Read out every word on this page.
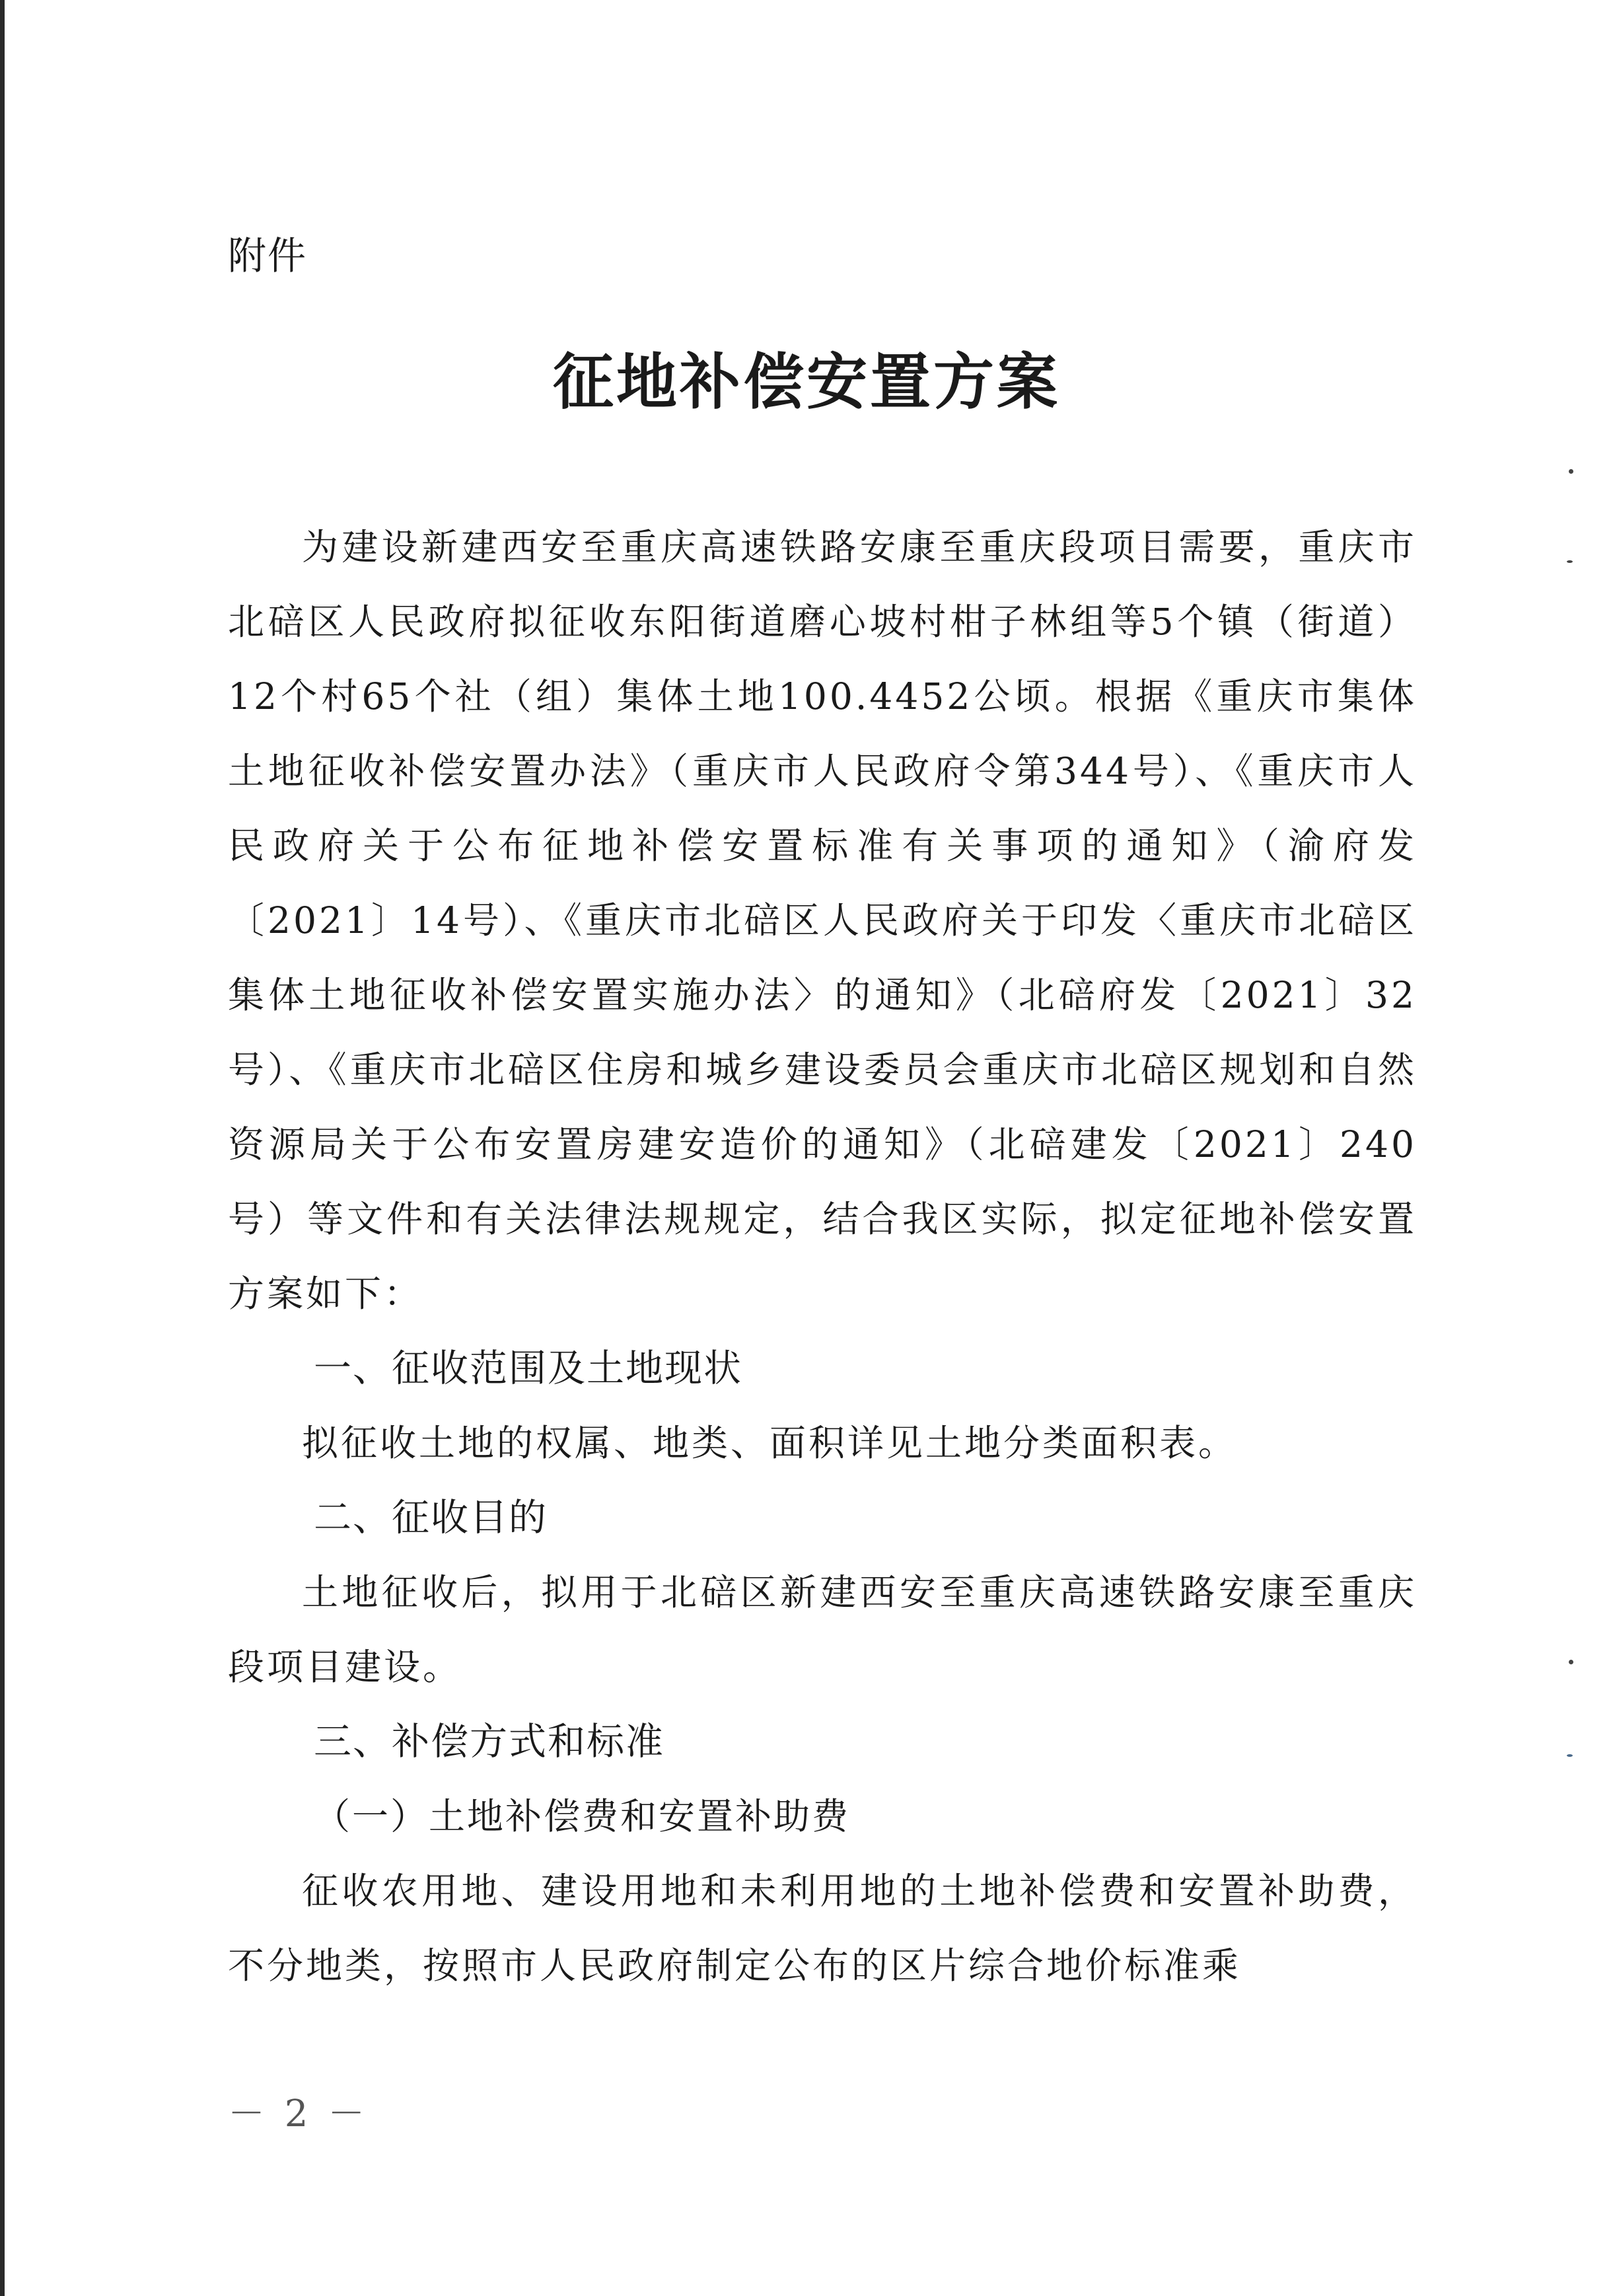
附件
征地补偿安置方案

为建设新建西安至重庆高速铁路安康至重庆段项目需要，重庆市北碚区人民政府拟征收东阳街道磨心坡村柑子林组等5个镇（街道）12个村65个社（组）集体土地100.4452公顷。根据《重庆市集体土地征收补偿安置办法》（重庆市人民政府令第344号）、《重庆市人民政府关于公布征地补偿安置标准有关事项的通知》（渝府发〔2021〕14号）、《重庆市北碚区人民政府关于印发〈重庆市北碚区集体土地征收补偿安置实施办法〉的通知》（北碚府发〔2021〕32号）、《重庆市北碚区住房和城乡建设委员会重庆市北碚区规划和自然资源局关于公布安置房建安造价的通知》（北碚建发〔2021〕240号）等文件和有关法律法规规定，结合我区实际，拟定征地补偿安置方案如下：

一、征收范围及土地现状

拟征收土地的权属、地类、面积详见土地分类面积表。

二、征收目的

土地征收后，拟用于北碚区新建西安至重庆高速铁路安康至重庆段项目建设。

三、补偿方式和标准

（一）土地补偿费和安置补助费

征收农用地、建设用地和未利用地的土地补偿费和安置补助费，不分地类，按照市人民政府制定公布的区片综合地价标准乘

－ 2 －
